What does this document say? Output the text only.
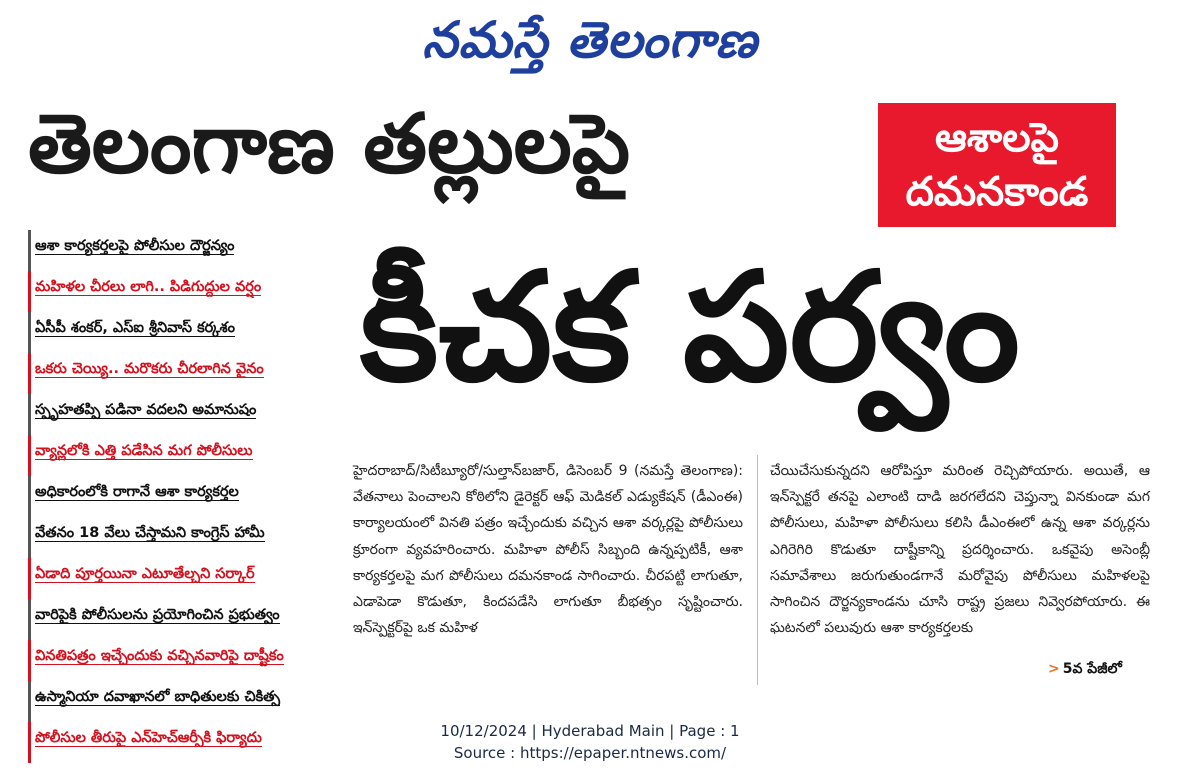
నమస్తే తెలంగాణ
తెలంగాణ తల్లులపై	ఆశాలపై
దమనకాండ
కీచక పర్వం
ఆశా కార్యకర్తలపై పోలీసుల దౌర్జన్యం
మహిళల చీరలు లాగి.. పిడిగుద్దుల వర్షం
ఏసీపీ శంకర్, ఎస్‌ఐ శ్రీనివాస్ కర్కశం
ఒకరు చెయ్యి.. మరొకరు చీరలాగిన వైనం
స్పృహతప్పి పడినా వదలని అమానుషం
వ్యాన్లలోకి ఎత్తి పడేసిన మగ పోలీసులు
అధికారంలోకి రాగానే ఆశా కార్యకర్తల
వేతనం 18 వేలు చేస్తామని కాంగ్రెస్ హామీ
ఏడాది పూర్తయినా ఎటూతేల్చని సర్కార్
వారిపైకి పోలీసులను ప్రయోగించిన ప్రభుత్వం
వినతిపత్రం ఇచ్చేందుకు వచ్చినవారిపై దాష్టీకం
ఉస్మానియా దవాఖానలో బాధితులకు చికిత్స
పోలీసుల తీరుపై ఎన్‌హెచ్‌ఆర్సీకి ఫిర్యాదు
హైదరాబాద్/సిటీబ్యూరో/సుల్తాన్‌బజార్, డిసెంబర్ 9 (నమస్తే తెలంగాణ): వేతనాలు పెంచాలని కోఠిలోని డైరెక్టర్ ఆఫ్ మెడికల్ ఎడ్యుకేషన్ (డీఎంఈ) కార్యాలయంలో వినతి పత్రం ఇచ్చేందుకు వచ్చిన ఆశా వర్కర్లపై పోలీసులు క్రూరంగా వ్యవహరించారు. మహిళా పోలీస్ సిబ్బంది ఉన్నప్పటికీ, ఆశా కార్యకర్తలపై మగ పోలీసులు దమనకాండ సాగించారు. చీరపట్టి లాగుతూ, ఎడాపెడా కొడుతూ, కిందపడేసి లాగుతూ బీభత్సం సృష్టించారు. ఇన్‌స్పెక్టర్‌పై ఒక మహిళ
చేయిచేసుకున్నదని ఆరోపిస్తూ మరింత రెచ్చిపోయారు. అయితే, ఆ ఇన్‌స్పెక్టరే తనపై ఎలాంటి దాడి జరగలేదని చెప్తున్నా వినకుండా మగ పోలీసులు, మహిళా పోలీసులు కలిసి డీఎంఈలో ఉన్న ఆశా వర్కర్లను ఎగిరెగిరి కొడుతూ దాష్టీకాన్ని ప్రదర్శించారు. ఒకవైపు అసెంబ్లీ సమావేశాలు జరుగుతుండగానే మరోవైపు పోలీసులు మహిళలపై సాగించిన దౌర్జన్యకాండను చూసి రాష్ట్ర ప్రజలు నివ్వెరపోయారు. ఈ ఘటనలో పలువురు ఆశా కార్యకర్తలకు
> 5వ పేజీలో
10/12/2024 | Hyderabad Main | Page : 1
Source : https://epaper.ntnews.com/
